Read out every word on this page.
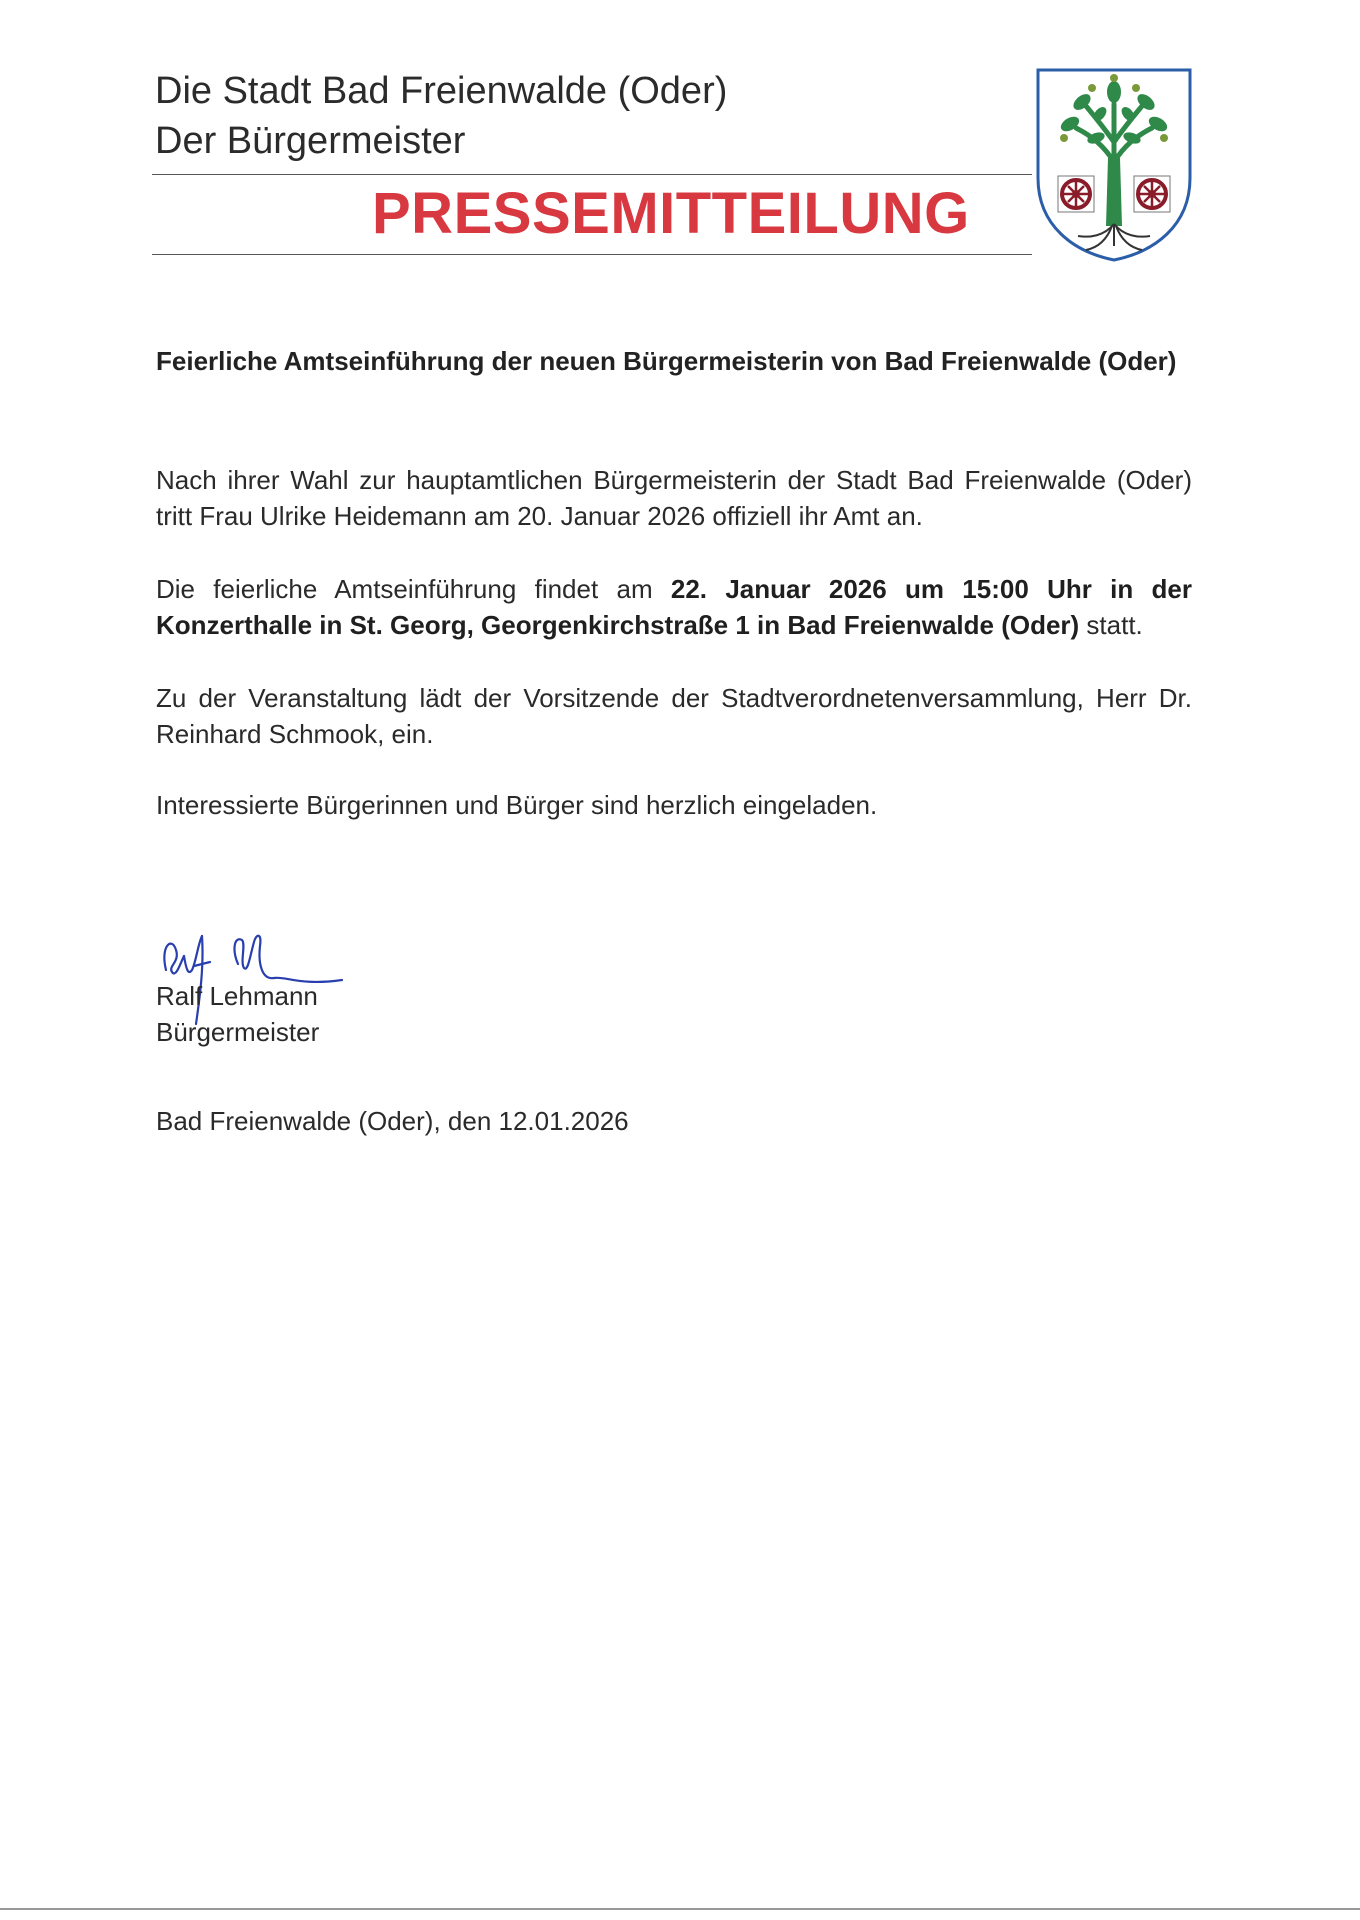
Die Stadt Bad Freienwalde (Oder)
Der Bürgermeister
PRESSEMITTEILUNG
Feierliche Amtseinführung der neuen Bürgermeisterin von Bad Freienwalde (Oder)

Nach ihrer Wahl zur hauptamtlichen Bürgermeisterin der Stadt Bad Freienwalde (Oder) tritt Frau Ulrike Heidemann am 20. Januar 2026 offiziell ihr Amt an.

Die feierliche Amtseinführung findet am 22. Januar 2026 um 15:00 Uhr in der Konzerthalle in St. Georg, Georgenkirchstraße 1 in Bad Freienwalde (Oder) statt.

Zu der Veranstaltung lädt der Vorsitzende der Stadtverordnetenversammlung, Herr Dr. Reinhard Schmook, ein.

Interessierte Bürgerinnen und Bürger sind herzlich eingeladen.

Ralf Lehmann
Bürgermeister
Bad Freienwalde (Oder), den 12.01.2026
